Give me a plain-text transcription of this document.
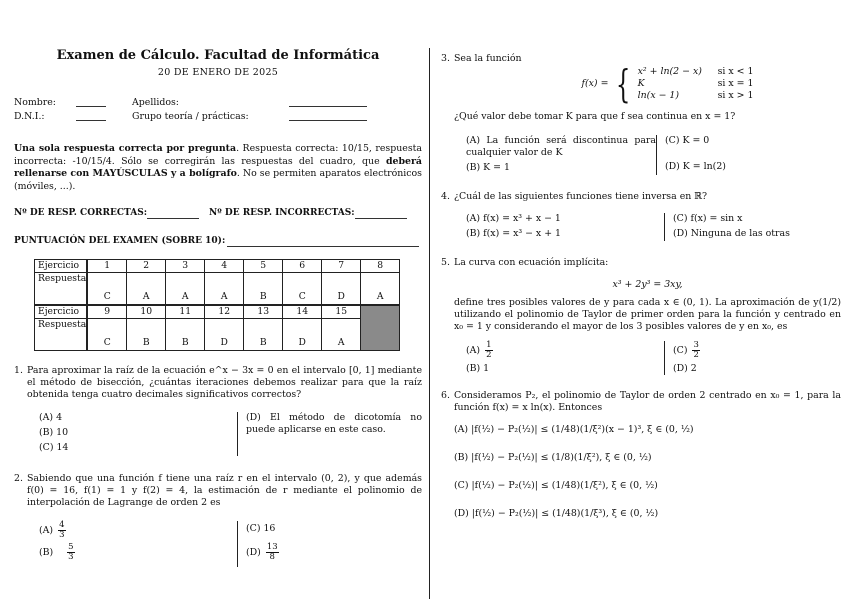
Examen de Cálculo. Facultad de Informática
20 DE ENERO DE 2025
Nombre:	Apellidos:
D.N.I.:	Grupo teoría / prácticas:
Una sola respuesta correcta por pregunta. Respuesta correcta: 10/15, respuesta incorrecta: -10/15/4. Sólo se corregirán las respuestas del cuadro, que deberá rellenarse con MAYÚSCULAS y a bolígrafo. No se permiten aparatos electrónicos (móviles, ...).
Nº DE RESP. CORRECTAS:	Nº DE RESP. INCORRECTAS:
PUNTUACIÓN DEL EXAMEN (SOBRE 10):
Ejercicio	1	2	3	4	5	6	7	8
Respuesta	C	A	A	A	B	C	D	A
Ejercicio	9	10	11	12	13	14	15	
Respuesta	C	B	B	D	B	D	A	
1. Para aproximar la raíz de la ecuación e^x − 3x = 0 en el intervalo [0, 1] mediante el método de bisección, ¿cuántas iteraciones debemos realizar para que la raíz obtenida tenga cuatro decimales significativos correctos?
(A) 4
(B) 10
(C) 14
(D) El método de dicotomía no puede aplicarse en este caso.
2. Sabiendo que una función f tiene una raíz r en el intervalo (0, 2), y que además f(0) = 16, f(1) = 1 y f(2) = 4, la estimación de r mediante el polinomio de interpolación de Lagrange de orden 2 es
$(A) \frac{4}{3}$
$(B) \frac{5}{3}$
(C) 16
$(D) \frac{13}{8}$
3. Sea la función
f(x) = { x² + ln(2 − x)	si x < 1
K	si x = 1
ln(x − 1)	si x > 1
¿Qué valor debe tomar K para que f sea continua en x = 1?
(A) La función será discontinua para cualquier valor de K
(B) K = 1
(C) K = 0
(D) K = ln(2)
4. ¿Cuál de las siguientes funciones tiene inversa en ℝ?
(A) f(x) = x³ + x − 1
(B) f(x) = x³ − x + 1
(C) f(x) = sin x
(D) Ninguna de las otras
5. La curva con ecuación implícita:
x³ + 2y³ = 3xy,
define tres posibles valores de y para cada x ∈ (0, 1). La aproximación de y(1/2) utilizando el polinomio de Taylor de primer orden para la función y centrado en x₀ = 1 y considerando el mayor de los 3 posibles valores de y en x₀, es
$(A) \frac{1}{2}$
(B) 1
$(C) \frac{3}{2}$
(D) 2
6. Consideramos P₂, el polinomio de Taylor de orden 2 centrado en x₀ = 1, para la función f(x) = x ln(x). Entonces
(A) |f(½) − P₂(½)| ≤ (1/48)(1/ξ²)(x − 1)³, ξ ∈ (0, ½)
(B) |f(½) − P₂(½)| ≤ (1/8)(1/ξ²), ξ ∈ (0, ½)
(C) |f(½) − P₂(½)| ≤ (1/48)(1/ξ²), ξ ∈ (0, ½)
(D) |f(½) − P₂(½)| ≤ (1/48)(1/ξ³), ξ ∈ (0, ½)
